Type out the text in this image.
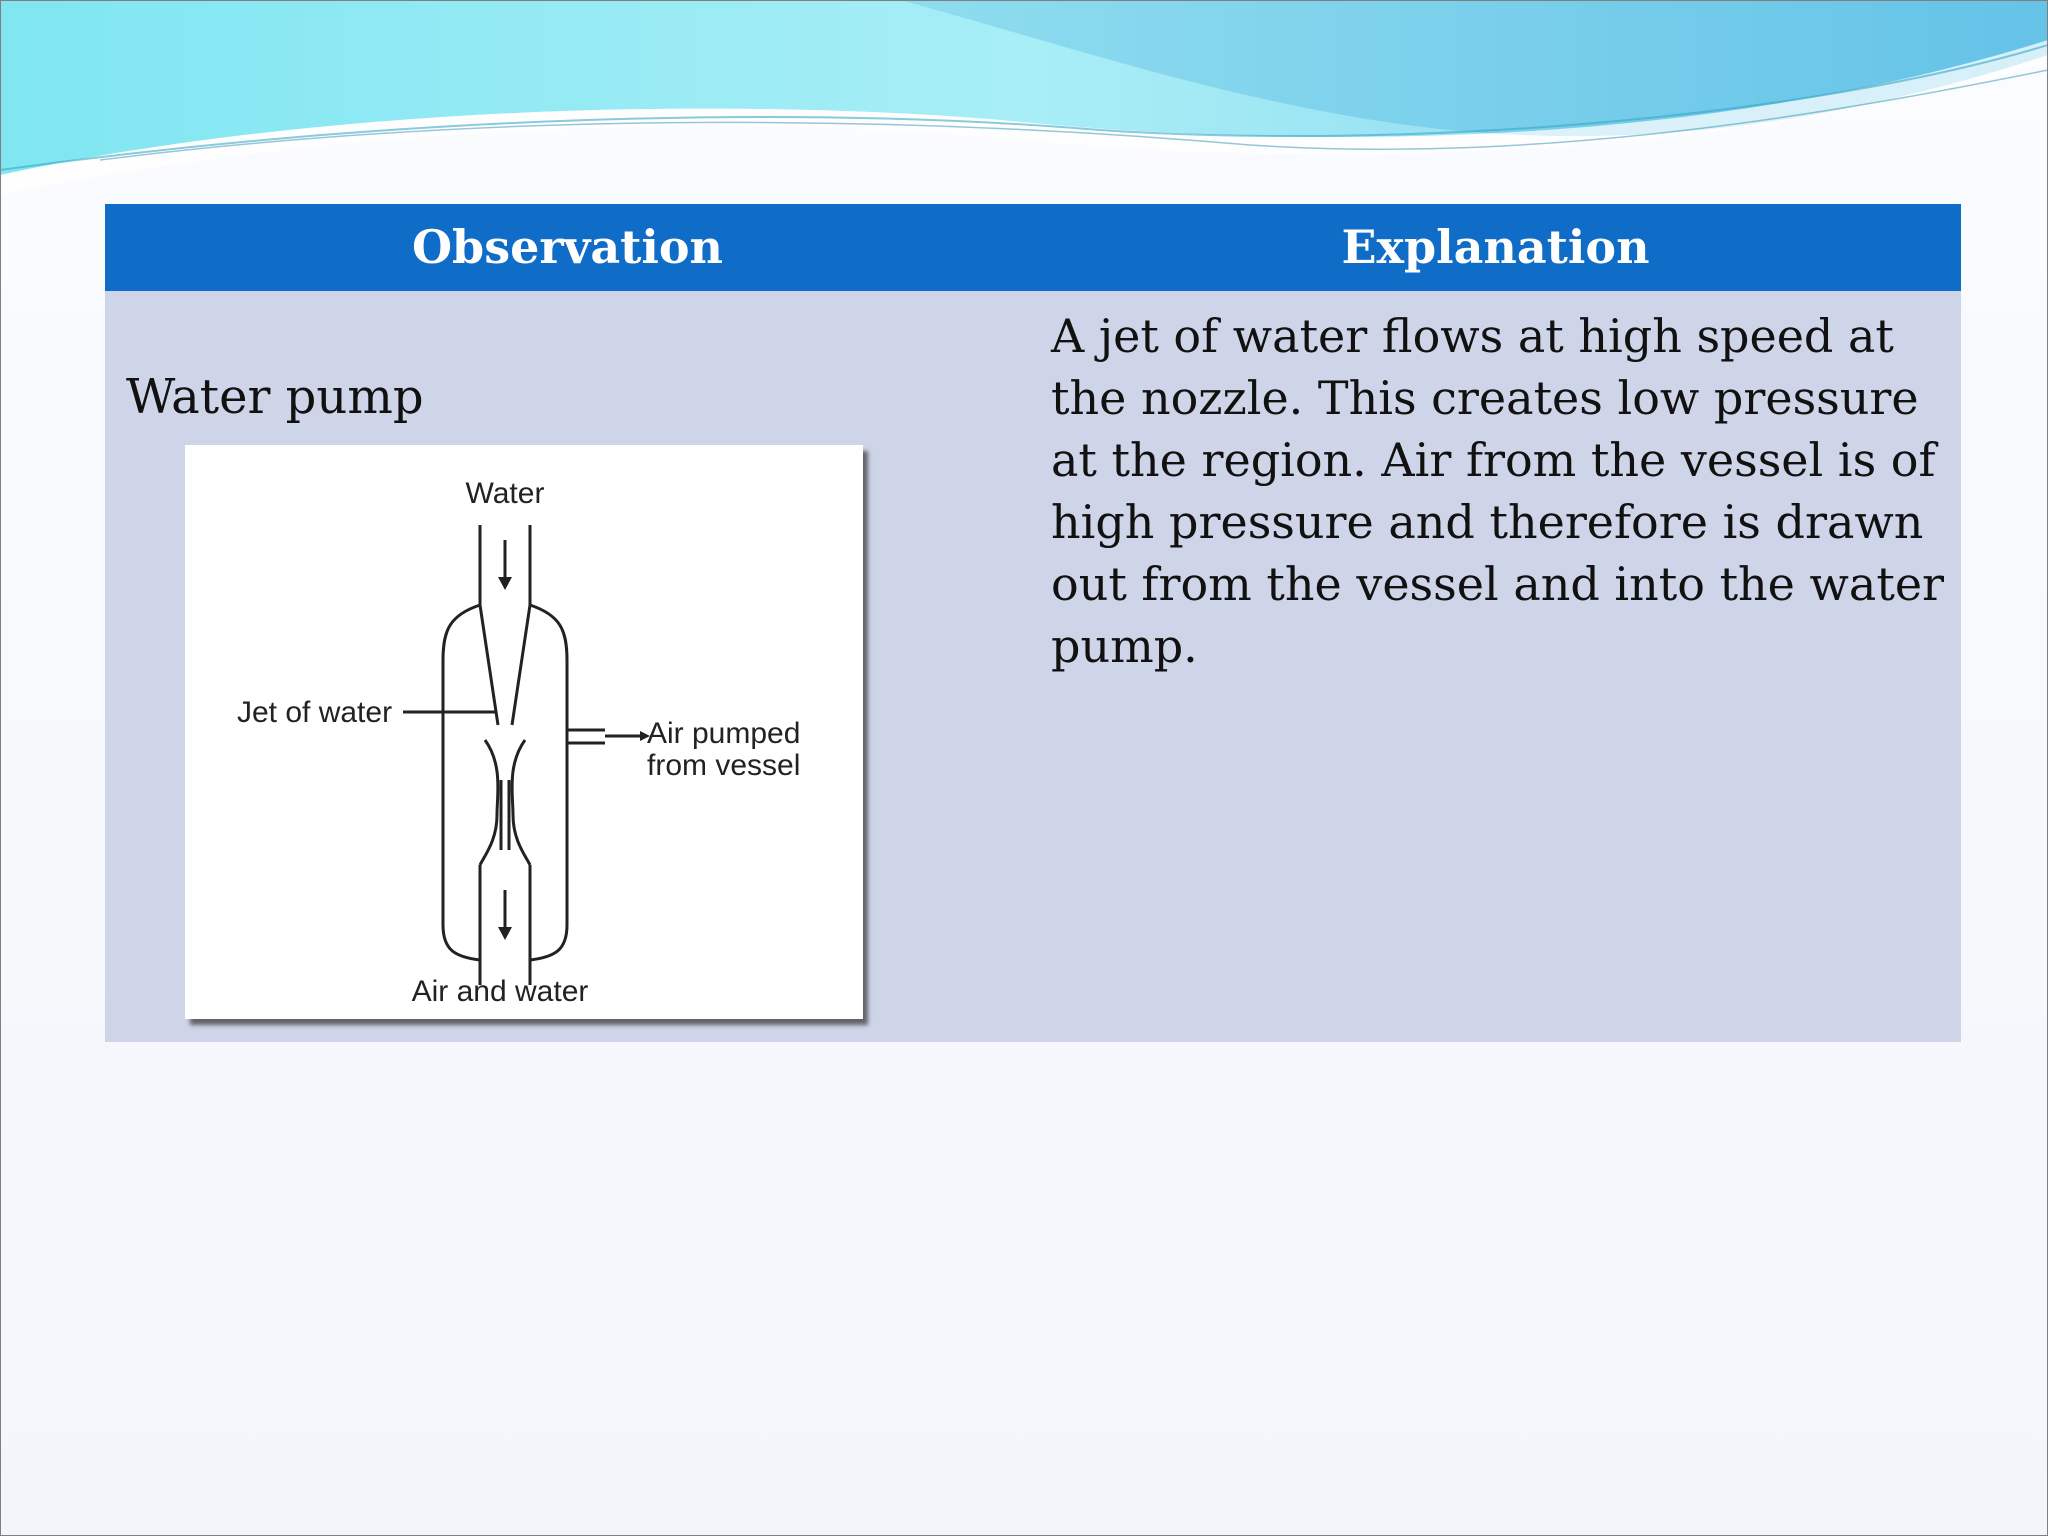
Observation	Explanation
Water pump
Water
Jet of water
Air pumped
from vessel
Air and water
A jet of water flows at high speed at the nozzle. This creates low pressure at the region. Air from the vessel is of high pressure and therefore is drawn out from the vessel and into the water pump.
